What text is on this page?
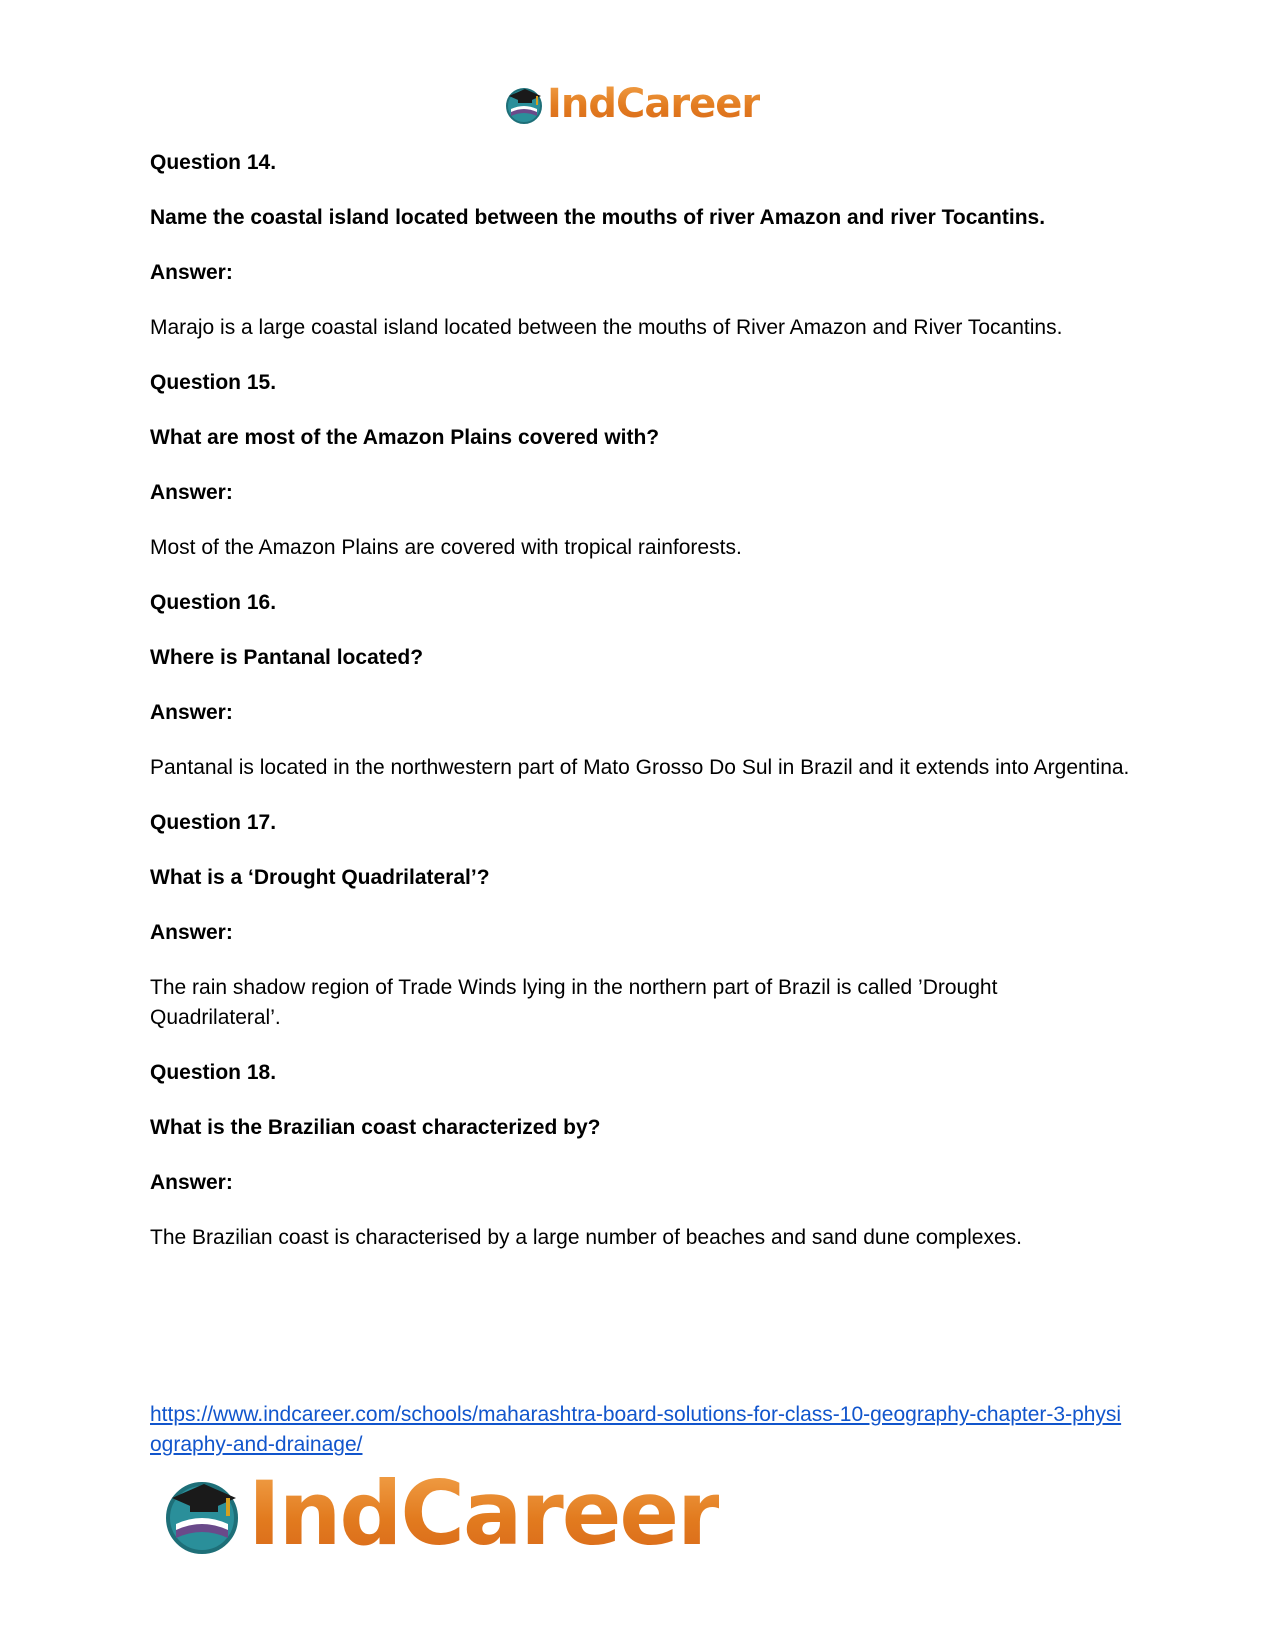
IndCareer

Question 14.

Name the coastal island located between the mouths of river Amazon and river Tocantins.

Answer:

Marajo is a large coastal island located between the mouths of River Amazon and River Tocantins.

Question 15.

What are most of the Amazon Plains covered with?

Answer:

Most of the Amazon Plains are covered with tropical rainforests.

Question 16.

Where is Pantanal located?

Answer:

Pantanal is located in the northwestern part of Mato Grosso Do Sul in Brazil and it extends into Argentina.

Question 17.

What is a ‘Drought Quadrilateral’?

Answer:

The rain shadow region of Trade Winds lying in the northern part of Brazil is called ’Drought Quadrilateral’.

Question 18.

What is the Brazilian coast characterized by?

Answer:

The Brazilian coast is characterised by a large number of beaches and sand dune complexes.

https://www.indcareer.com/schools/maharashtra-board-solutions-for-class-10-geography-chapter-3-physiography-and-drainage/
IndCareer
